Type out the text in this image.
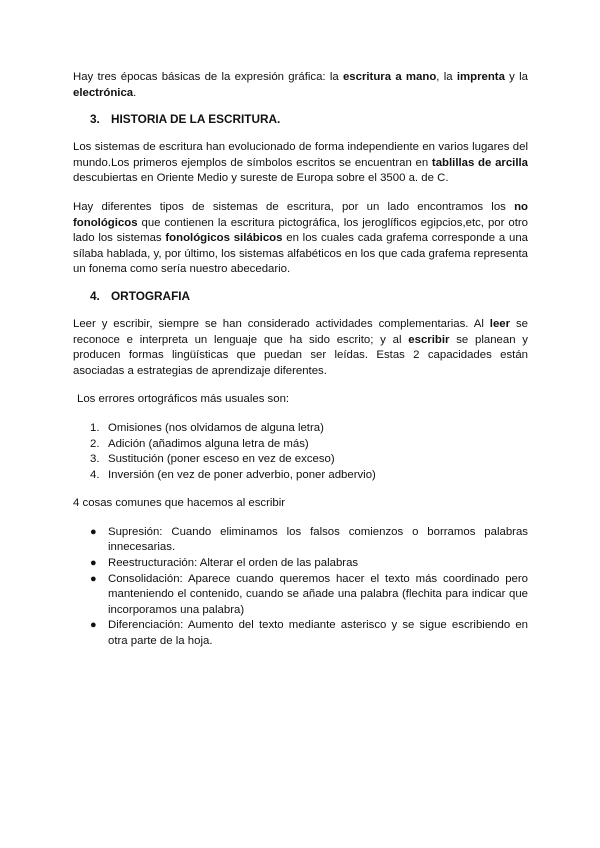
Hay tres épocas básicas de la expresión gráfica: la escritura a mano, la imprenta y la electrónica.

3. HISTORIA DE LA ESCRITURA.

Los sistemas de escritura han evolucionado de forma independiente en varios lugares del mundo.Los primeros ejemplos de símbolos escritos se encuentran en tablillas de arcilla descubiertas en Oriente Medio y sureste de Europa sobre el 3500 a. de C.

Hay diferentes tipos de sistemas de escritura, por un lado encontramos los no fonológicos que contienen la escritura pictográfica, los jeroglíficos egipcios,etc, por otro lado los sistemas fonológicos silábicos en los cuales cada grafema corresponde a una sílaba hablada, y, por último, los sistemas alfabéticos en los que cada grafema representa un fonema como sería nuestro abecedario.

4. ORTOGRAFIA

Leer y escribir, siempre se han considerado actividades complementarias. Al leer se reconoce e interpreta un lenguaje que ha sido escrito; y al escribir se planean y producen formas lingüísticas que puedan ser leídas. Estas 2 capacidades están asociadas a estrategias de aprendizaje diferentes.

Los errores ortográficos más usuales son:

1. Omisiones (nos olvidamos de alguna letra)
2. Adición (añadimos alguna letra de más)
3. Sustitución (poner esceso en vez de exceso)
4. Inversión (en vez de poner adverbio, poner adbervio)

4 cosas comunes que hacemos al escribir

● Supresión: Cuando eliminamos los falsos comienzos o borramos palabras innecesarias.
● Reestructuración: Alterar el orden de las palabras
● Consolidación: Aparece cuando queremos hacer el texto más coordinado pero manteniendo el contenido, cuando se añade una palabra (flechita para indicar que incorporamos una palabra)
● Diferenciación: Aumento del texto mediante asterisco y se sigue escribiendo en otra parte de la hoja.
